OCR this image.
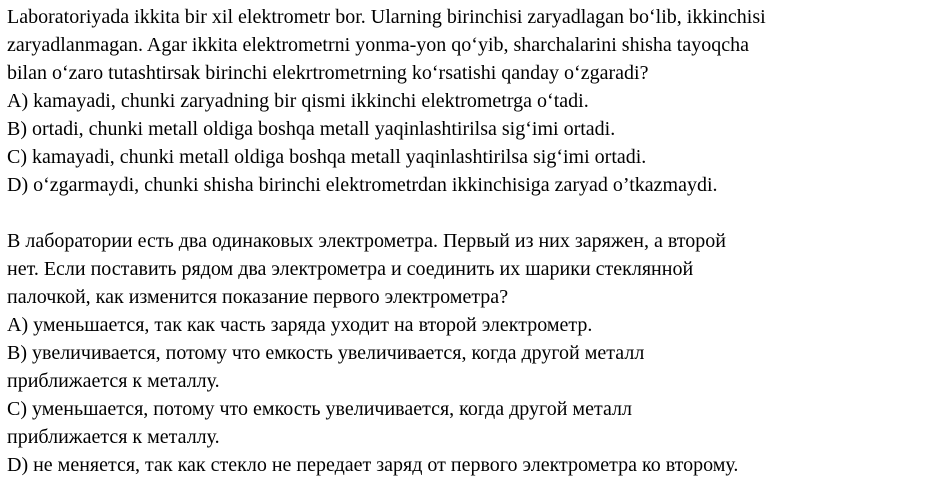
Laboratoriyada ikkita bir xil elektrometr bor. Ularning birinchisi zaryadlagan bo‘lib, ikkinchisi
zaryadlanmagan. Agar ikkita elektrometrni yonma-yon qo‘yib, sharchalarini shisha tayoqcha
bilan o‘zaro tutashtirsak birinchi elekrtrometrning ko‘rsatishi qanday o‘zgaradi?
A) kamayadi, chunki zaryadning bir qismi ikkinchi elektrometrga o‘tadi.
B) ortadi, chunki metall oldiga boshqa metall yaqinlashtirilsa sig‘imi ortadi.
C) kamayadi, chunki metall oldiga boshqa metall yaqinlashtirilsa sig‘imi ortadi.
D) o‘zgarmaydi, chunki shisha birinchi elektrometrdan ikkinchisiga zaryad o’tkazmaydi.
В лаборатории есть два одинаковых электрометра. Первый из них заряжен, а второй
нет. Если поставить рядом два электрометра и соединить их шарики стеклянной
палочкой, как изменится показание первого электрометра?
A) уменьшается, так как часть заряда уходит на второй электрометр.
B) увеличивается, потому что емкость увеличивается, когда другой металл
приближается к металлу.
C) уменьшается, потому что емкость увеличивается, когда другой металл
приближается к металлу.
D) не меняется, так как стекло не передает заряд от первого электрометра ко второму.
